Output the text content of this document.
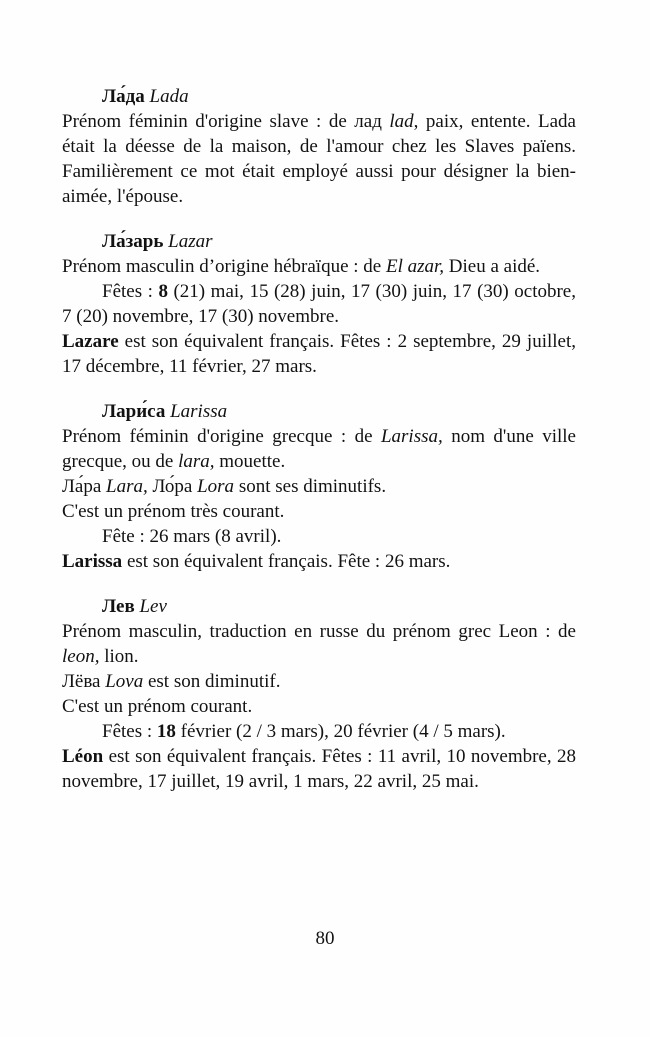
Ла́да Lada

Prénom féminin d'origine slave : de лад lad, paix, entente. Lada était la déesse de la maison, de l'amour chez les Slaves païens. Familièrement ce mot était employé aussi pour désigner la bien-aimée, l'épouse.

Ла́зарь Lazar

Prénom masculin d’origine hébraïque : de El azar, Dieu a aidé.

Fêtes : 8 (21) mai, 15 (28) juin, 17 (30) juin, 17 (30) octobre, 7 (20) novembre, 17 (30) novembre.

Lazare est son équivalent français. Fêtes : 2 septembre, 29 juillet, 17 décembre, 11 février, 27 mars.

Лари́са Larissa

Prénom féminin d'origine grecque : de Larissa, nom d'une ville grecque, ou de lara, mouette.

Ла́ра Lara, Ло́ра Lora sont ses diminutifs.

C'est un prénom très courant.

Fête : 26 mars (8 avril).

Larissa est son équivalent français. Fête : 26 mars.

Лев Lev

Prénom masculin, traduction en russe du prénom grec Leon : de leon, lion.

Лёва Lova est son diminutif.

C'est un prénom courant.

Fêtes : 18 février (2 / 3 mars), 20 février (4 / 5 mars).

Léon est son équivalent français. Fêtes : 11 avril, 10 novembre, 28 novembre, 17 juillet, 19 avril, 1 mars, 22 avril, 25 mai.

80
